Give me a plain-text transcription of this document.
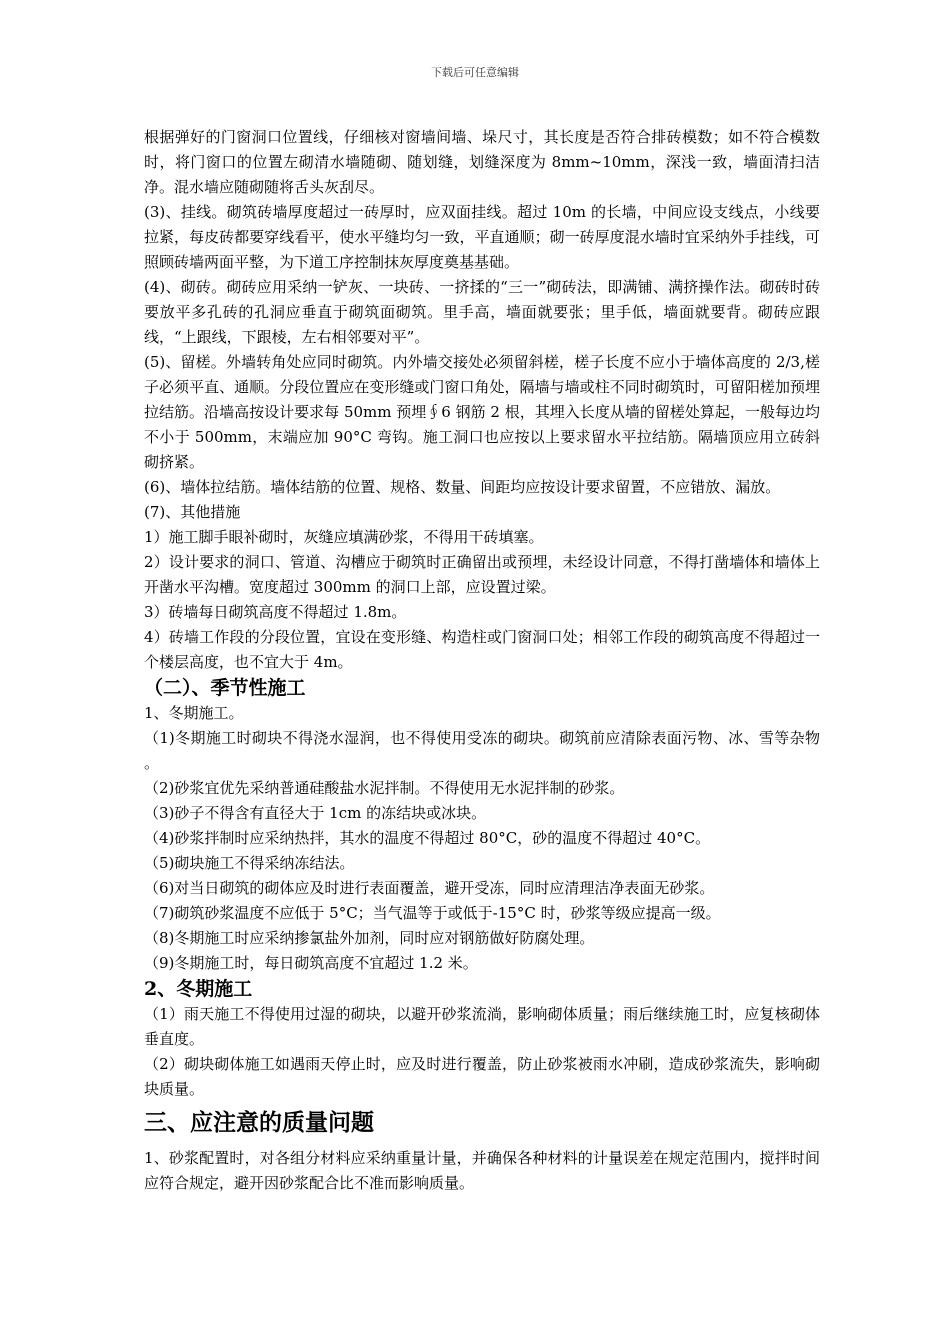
下载后可任意编辑

根据弹好的门窗洞口位置线，仔细核对窗墙间墙、垛尺寸，其长度是否符合排砖模数；如不符合模数时，将门窗口的位置左砌清水墙随砌、随划缝，划缝深度为 8mm~10mm，深浅一致，墙面清扫洁净。混水墙应随砌随将舌头灰刮尽。

(3)、挂线。砌筑砖墙厚度超过一砖厚时，应双面挂线。超过 10m 的长墙，中间应设支线点，小线要拉紧，每皮砖都要穿线看平，使水平缝均匀一致，平直通顺；砌一砖厚度混水墙时宜采纳外手挂线，可照顾砖墙两面平整，为下道工序控制抹灰厚度奠基基础。

(4)、砌砖。砌砖应用采纳一铲灰、一块砖、一挤揉的“三一”砌砖法，即满铺、满挤操作法。砌砖时砖要放平多孔砖的孔洞应垂直于砌筑面砌筑。里手高，墙面就要张；里手低，墙面就要背。砌砖应跟线，“上跟线，下跟棱，左右相邻要对平”。

(5)、留槎。外墙转角处应同时砌筑。内外墙交接处必须留斜槎，槎子长度不应小于墙体高度的 2/3,槎子必须平直、通顺。分段位置应在变形缝或门窗口角处，隔墙与墙或柱不同时砌筑时，可留阳槎加预埋拉结筋。沿墙高按设计要求每 50mm 预埋∮6 钢筋 2 根，其埋入长度从墙的留槎处算起，一般每边均不小于 500mm，末端应加 90°C 弯钩。施工洞口也应按以上要求留水平拉结筋。隔墙顶应用立砖斜砌挤紧。

(6)、墙体拉结筋。墙体结筋的位置、规格、数量、间距均应按设计要求留置，不应错放、漏放。

(7)、其他措施

1）施工脚手眼补砌时，灰缝应填满砂浆，不得用干砖填塞。

2）设计要求的洞口、管道、沟槽应于砌筑时正确留出或预埋，未经设计同意，不得打凿墙体和墙体上开凿水平沟槽。宽度超过 300mm 的洞口上部，应设置过梁。

3）砖墙每日砌筑高度不得超过 1.8m。

4）砖墙工作段的分段位置，宜设在变形缝、构造柱或门窗洞口处；相邻工作段的砌筑高度不得超过一个楼层高度，也不宜大于 4m。

（二）、季节性施工

1、冬期施工。

（1)冬期施工时砌块不得浇水湿润，也不得使用受冻的砌块。砌筑前应清除表面污物、冰、雪等杂物 。

（2)砂浆宜优先采纳普通硅酸盐水泥拌制。不得使用无水泥拌制的砂浆。

（3)砂子不得含有直径大于 1cm 的冻结块或冰块。

（4)砂浆拌制时应采纳热拌，其水的温度不得超过 80°C，砂的温度不得超过 40°C。

（5)砌块施工不得采纳冻结法。

（6)对当日砌筑的砌体应及时进行表面覆盖，避开受冻，同时应清理洁净表面无砂浆。

（7)砌筑砂浆温度不应低于 5°C；当气温等于或低于-15°C 时，砂浆等级应提高一级。

（8)冬期施工时应采纳掺氯盐外加剂，同时应对钢筋做好防腐处理。

（9)冬期施工时，每日砌筑高度不宜超过 1.2 米。

2、冬期施工

（1）雨天施工不得使用过湿的砌块，以避开砂浆流淌，影响砌体质量；雨后继续施工时，应复核砌体垂直度。

（2）砌块砌体施工如遇雨天停止时，应及时进行覆盖，防止砂浆被雨水冲刷，造成砂浆流失，影响砌块质量。

三、应注意的质量问题

1、砂浆配置时，对各组分材料应采纳重量计量，并确保各种材料的计量误差在规定范围内，搅拌时间应符合规定，避开因砂浆配合比不准而影响质量。
